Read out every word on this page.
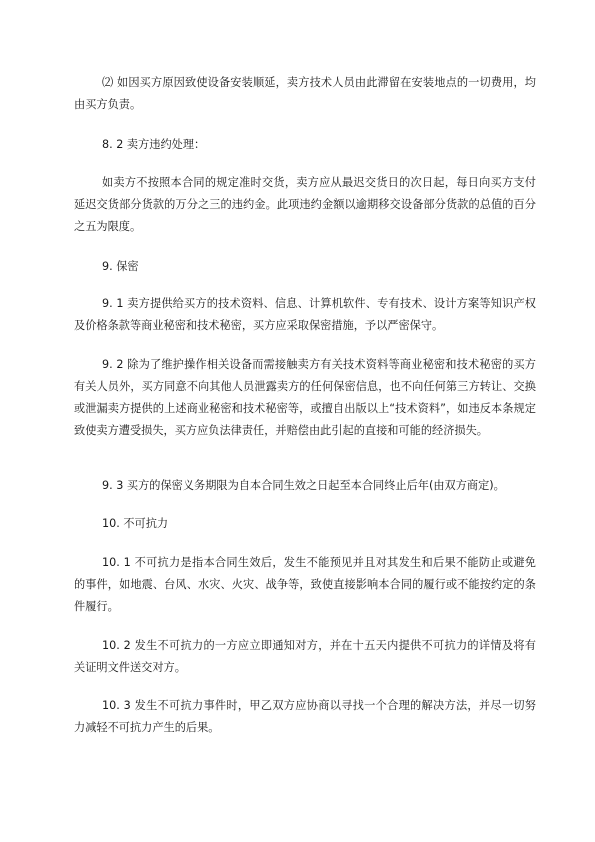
⑵ 如因买方原因致使设备安装顺延，卖方技术人员由此滞留在安装地点的一切费用，均由买方负责。

8. 2 卖方违约处理：

如卖方不按照本合同的规定准时交货，卖方应从最迟交货日的次日起，每日向买方支付延迟交货部分货款的万分之三的违约金。此项违约金额以逾期移交设备部分货款的总值的百分之五为限度。

9. 保密

9. 1 卖方提供给买方的技术资料、信息、计算机软件、专有技术、设计方案等知识产权及价格条款等商业秘密和技术秘密，买方应采取保密措施，予以严密保守。

9. 2 除为了维护操作相关设备而需接触卖方有关技术资料等商业秘密和技术秘密的买方有关人员外，买方同意不向其他人员泄露卖方的任何保密信息，也不向任何第三方转让、交换或泄漏卖方提供的上述商业秘密和技术秘密等，或擅自出版以上“技术资料”，如违反本条规定致使卖方遭受损失，买方应负法律责任，并赔偿由此引起的直接和可能的经济损失。

9. 3 买方的保密义务期限为自本合同生效之日起至本合同终止后年(由双方商定)。

10. 不可抗力

10. 1 不可抗力是指本合同生效后，发生不能预见并且对其发生和后果不能防止或避免的事件，如地震、台风、水灾、火灾、战争等，致使直接影响本合同的履行或不能按约定的条件履行。

10. 2 发生不可抗力的一方应立即通知对方，并在十五天内提供不可抗力的详情及将有关证明文件送交对方。

10. 3 发生不可抗力事件时，甲乙双方应协商以寻找一个合理的解决方法，并尽一切努力减轻不可抗力产生的后果。
